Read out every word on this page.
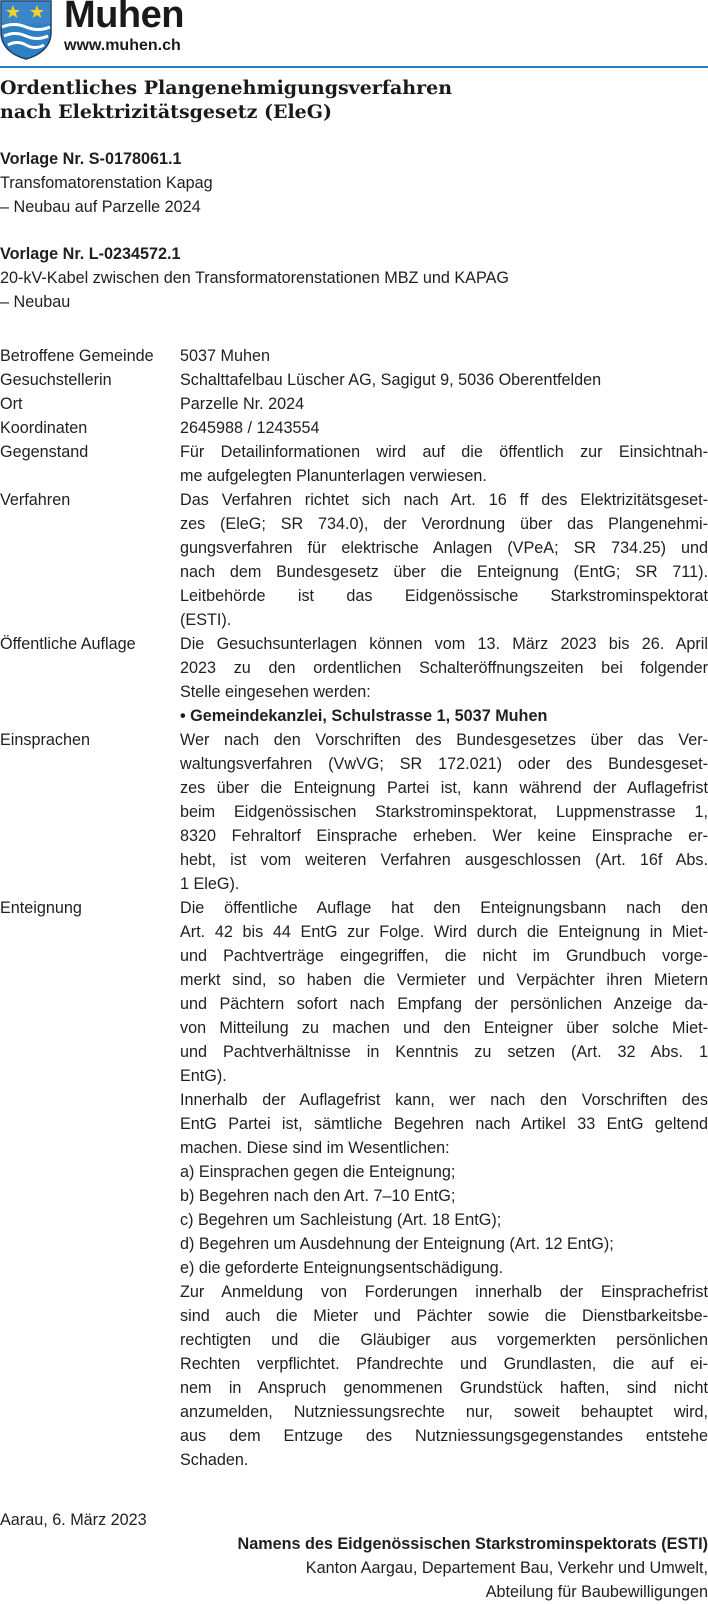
Muhen
www.muhen.ch
Ordentliches Plangenehmigungsverfahren
nach Elektrizitätsgesetz (EleG)
Vorlage Nr. S-0178061.1
Transfomatorenstation Kapag
– Neubau auf Parzelle 2024
Vorlage Nr. L-0234572.1
20-kV-Kabel zwischen den Transformatorenstationen MBZ und KAPAG
– Neubau
Betroffene Gemeinde	5037 Muhen
Gesuchstellerin	Schalttafelbau Lüscher AG, Sagigut 9, 5036 Oberentfelden
Ort	Parzelle Nr. 2024
Koordinaten	2645988 / 1243554
Gegenstand	Für Detailinformationen wird auf die öffentlich zur Einsichtnah-
me aufgelegten Planunterlagen verwiesen.
Verfahren	Das Verfahren richtet sich nach Art. 16 ff des Elektrizitätsgeset-
zes (EleG; SR 734.0), der Verordnung über das Plangenehmi-
gungsverfahren für elektrische Anlagen (VPeA; SR 734.25) und
nach dem Bundesgesetz über die Enteignung (EntG; SR 711).
Leitbehörde ist das Eidgenössische Starkstrominspektorat
(ESTI).
Öffentliche Auflage	Die Gesuchsunterlagen können vom 13. März 2023 bis 26. April
2023 zu den ordentlichen Schalteröffnungszeiten bei folgender
Stelle eingesehen werden:
• Gemeindekanzlei, Schulstrasse 1, 5037 Muhen
Einsprachen	Wer nach den Vorschriften des Bundesgesetzes über das Ver-
waltungsverfahren (VwVG; SR 172.021) oder des Bundesgeset-
zes über die Enteignung Partei ist, kann während der Auflagefrist
beim Eidgenössischen Starkstrominspektorat, Luppmenstrasse 1,
8320 Fehraltorf Einsprache erheben. Wer keine Einsprache er-
hebt, ist vom weiteren Verfahren ausgeschlossen (Art. 16f Abs.
1 EleG).
Enteignung	Die öffentliche Auflage hat den Enteignungsbann nach den
Art. 42 bis 44 EntG zur Folge. Wird durch die Enteignung in Miet-
und Pachtverträge eingegriffen, die nicht im Grundbuch vorge-
merkt sind, so haben die Vermieter und Verpächter ihren Mietern
und Pächtern sofort nach Empfang der persönlichen Anzeige da-
von Mitteilung zu machen und den Enteigner über solche Miet-
und Pachtverhältnisse in Kenntnis zu setzen (Art. 32 Abs. 1
EntG).
Innerhalb der Auflagefrist kann, wer nach den Vorschriften des
EntG Partei ist, sämtliche Begehren nach Artikel 33 EntG geltend
machen. Diese sind im Wesentlichen:
a) Einsprachen gegen die Enteignung;
b) Begehren nach den Art. 7–10 EntG;
c) Begehren um Sachleistung (Art. 18 EntG);
d) Begehren um Ausdehnung der Enteignung (Art. 12 EntG);
e) die geforderte Enteignungsentschädigung.
Zur Anmeldung von Forderungen innerhalb der Einsprachefrist
sind auch die Mieter und Pächter sowie die Dienstbarkeitsbe-
rechtigten und die Gläubiger aus vorgemerkten persönlichen
Rechten verpflichtet. Pfandrechte und Grundlasten, die auf ei-
nem in Anspruch genommenen Grundstück haften, sind nicht
anzumelden, Nutzniessungsrechte nur, soweit behauptet wird,
aus dem Entzuge des Nutzniessungsgegenstandes entstehe
Schaden.
Aarau, 6. März 2023
Namens des Eidgenössischen Starkstrominspektorats (ESTI)
Kanton Aargau, Departement Bau, Verkehr und Umwelt,
Abteilung für Baubewilligungen
